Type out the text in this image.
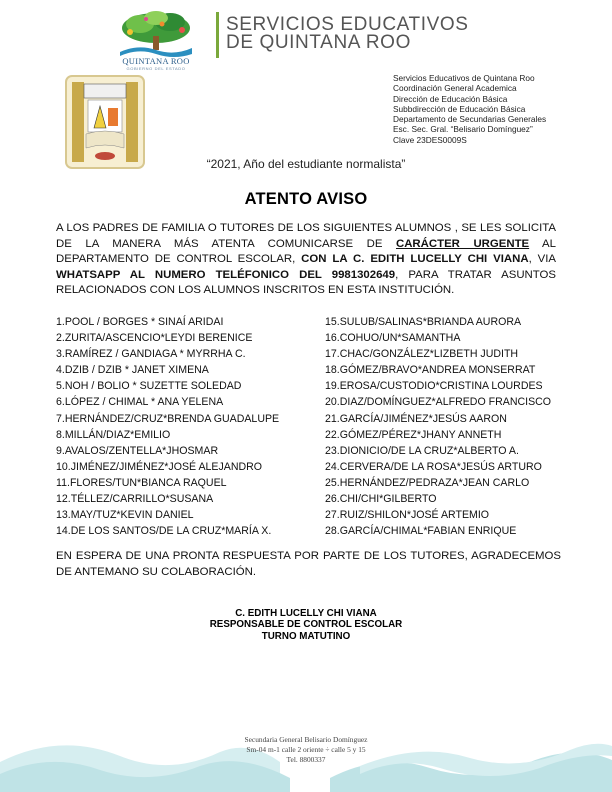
QUINTANA ROO
GOBIERNO DEL ESTADO
SERVICIOS EDUCATIVOS
DE QUINTANA ROO
Servicios Educativos de Quintana Roo
Coordinación General Academica
Dirección de Educación Básica
Subbdirección de Educación Básica
Departamento de Secundarias Generales
Esc. Sec. Gral. “Belisario Domínguez”
Clave 23DES0009S
“2021, Año del estudiante normalista”
ATENTO AVISO
A LOS PADRES DE FAMILIA O TUTORES DE LOS SIGUIENTES ALUMNOS , SE LES SOLICITA DE LA MANERA MÁS ATENTA COMUNICARSE DE CARÁCTER URGENTE AL DEPARTAMENTO DE CONTROL ESCOLAR, CON LA C. EDITH LUCELLY CHI VIANA, VIA WHATSAPP AL NUMERO TELÉFONICO DEL 9981302649, PARA TRATAR ASUNTOS RELACIONADOS CON LOS ALUMNOS INSCRITOS EN ESTA INSTITUCIÓN.
1.POOL / BORGES * SINAÍ ARIDAI
2.ZURITA/ASCENCIO*LEYDI BERENICE
3.RAMÍREZ / GANDIAGA * MYRRHA C.
4.DZIB / DZIB * JANET XIMENA
5.NOH / BOLIO * SUZETTE SOLEDAD
6.LÓPEZ / CHIMAL * ANA YELENA
7.HERNÁNDEZ/CRUZ*BRENDA GUADALUPE
8.MILLÁN/DIAZ*EMILIO
9.AVALOS/ZENTELLA*JHOSMAR
10.JIMÉNEZ/JIMÉNEZ*JOSÉ ALEJANDRO
11.FLORES/TUN*BIANCA RAQUEL
12.TÉLLEZ/CARRILLO*SUSANA
13.MAY/TUZ*KEVIN DANIEL
14.DE LOS SANTOS/DE LA CRUZ*MARÍA X.
15.SULUB/SALINAS*BRIANDA AURORA
16.COHUO/UN*SAMANTHA
17.CHAC/GONZÁLEZ*LIZBETH JUDITH
18.GÓMEZ/BRAVO*ANDREA MONSERRAT
19.EROSA/CUSTODIO*CRISTINA LOURDES
20.DIAZ/DOMÍNGUEZ*ALFREDO FRANCISCO
21.GARCÍA/JIMÉNEZ*JESÚS AARON
22.GÓMEZ/PÉREZ*JHANY ANNETH
23.DIONICIO/DE LA CRUZ*ALBERTO A.
24.CERVERA/DE LA ROSA*JESÚS ARTURO
25.HERNÁNDEZ/PEDRAZA*JEAN CARLO
26.CHI/CHI*GILBERTO
27.RUIZ/SHILON*JOSÉ ARTEMIO
28.GARCÍA/CHIMAL*FABIAN ENRIQUE
EN ESPERA DE UNA PRONTA RESPUESTA POR PARTE DE LOS TUTORES, AGRADECEMOS DE ANTEMANO SU COLABORACIÓN.
C. EDITH LUCELLY CHI VIANA
RESPONSABLE DE CONTROL ESCOLAR
TURNO MATUTINO
Secundaria General Belisario Domínguez
Sm-04 m-1 calle 2 oriente ÷ calle 5 y 15
Tel. 8800337
